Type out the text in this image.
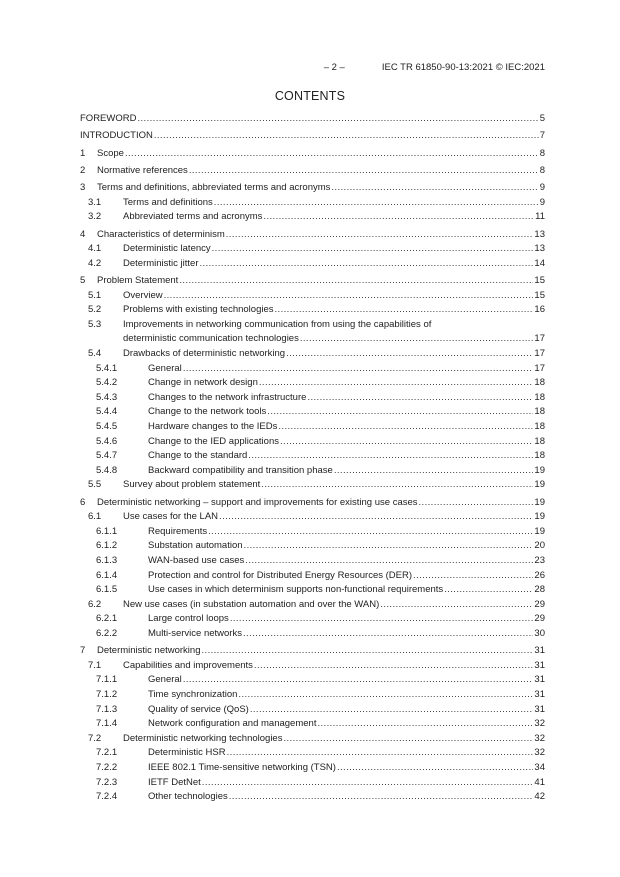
– 2 –	IEC TR 61850-90-13:2021 © IEC:2021
CONTENTS
FOREWORD .....	5
INTRODUCTION .....	7
1	Scope .....	8
2	Normative references .....	8
3	Terms and definitions, abbreviated terms and acronyms .....	9
3.1	Terms and definitions .....	9
3.2	Abbreviated terms and acronyms .....	11
4	Characteristics of determinism .....	13
4.1	Deterministic latency .....	13
4.2	Deterministic jitter .....	14
5	Problem Statement .....	15
5.1	Overview .....	15
5.2	Problems with existing technologies .....	16
5.3	Improvements in networking communication from using the capabilities of
deterministic communication technologies .....	17
5.4	Drawbacks of deterministic networking .....	17
5.4.1	General .....	17
5.4.2	Change in network design .....	18
5.4.3	Changes to the network infrastructure .....	18
5.4.4	Change to the network tools .....	18
5.4.5	Hardware changes to the IEDs .....	18
5.4.6	Change to the IED applications .....	18
5.4.7	Change to the standard .....	18
5.4.8	Backward compatibility and transition phase .....	19
5.5	Survey about problem statement .....	19
6	Deterministic networking – support and improvements for existing use cases .....	19
6.1	Use cases for the LAN .....	19
6.1.1	Requirements .....	19
6.1.2	Substation automation .....	20
6.1.3	WAN-based use cases .....	23
6.1.4	Protection and control for Distributed Energy Resources (DER) .....	26
6.1.5	Use cases in which determinism supports non-functional requirements .....	28
6.2	New use cases (in substation automation and over the WAN) .....	29
6.2.1	Large control loops .....	29
6.2.2	Multi-service networks .....	30
7	Deterministic networking .....	31
7.1	Capabilities and improvements .....	31
7.1.1	General .....	31
7.1.2	Time synchronization .....	31
7.1.3	Quality of service (QoS) .....	31
7.1.4	Network configuration and management .....	32
7.2	Deterministic networking technologies .....	32
7.2.1	Deterministic HSR .....	32
7.2.2	IEEE 802.1 Time-sensitive networking (TSN) .....	34
7.2.3	IETF DetNet .....	41
7.2.4	Other technologies .....	42
